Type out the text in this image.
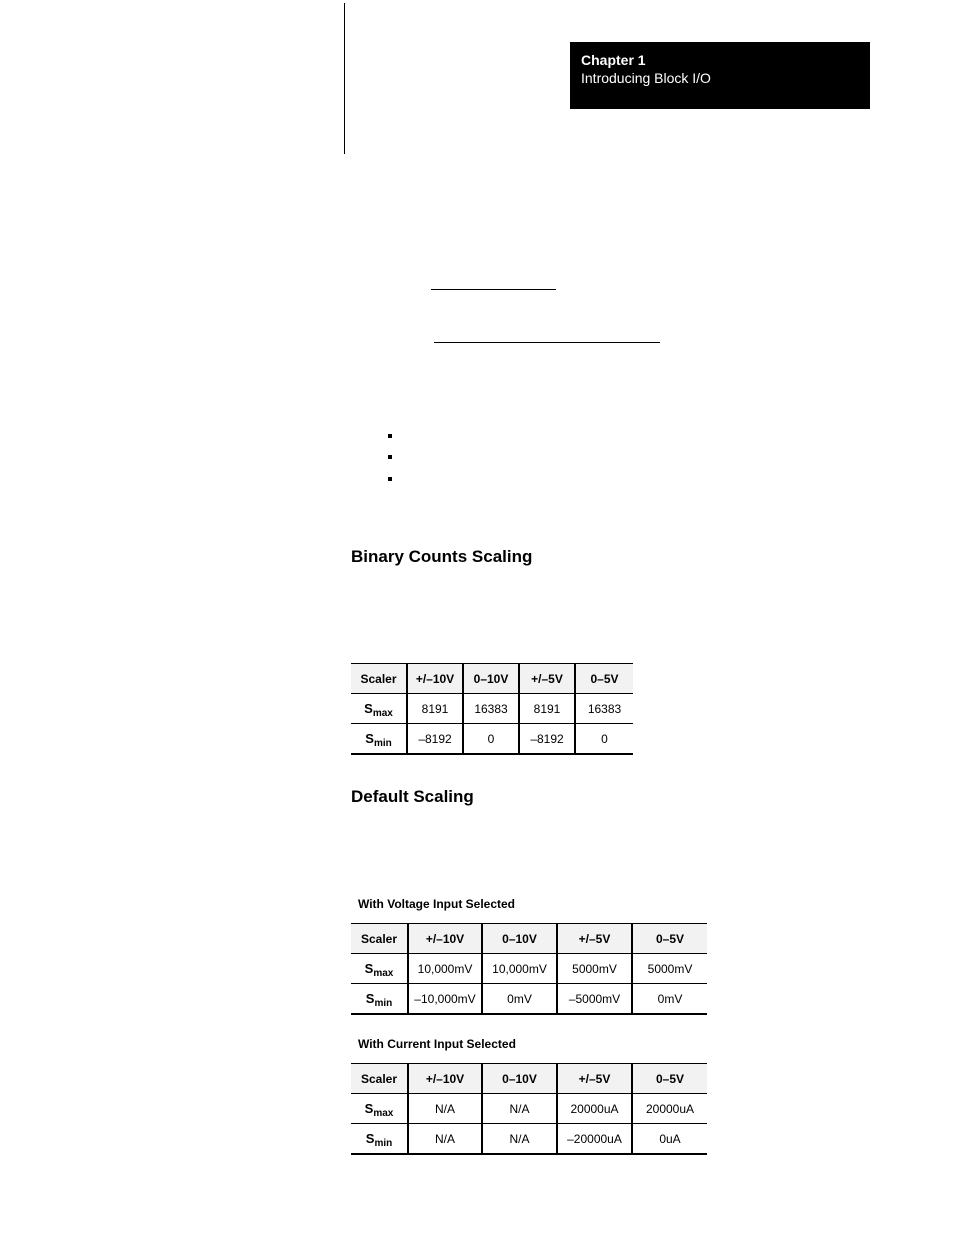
Chapter 1
Introducing Block I/O
Binary Counts Scaling
Scaler	+/–10V	0–10V	+/–5V	0–5V
$S_{max}$	8191	16383	8191	16383
$S_{min}$	–8192	0	–8192	0
Default Scaling
With Voltage Input Selected
Scaler	+/–10V	0–10V	+/–5V	0–5V
$S_{max}$	10,000mV	10,000mV	5000mV	5000mV
$S_{min}$	–10,000mV	0mV	–5000mV	0mV
With Current Input Selected
Scaler	+/–10V	0–10V	+/–5V	0–5V
$S_{max}$	N/A	N/A	20000uA	20000uA
$S_{min}$	N/A	N/A	–20000uA	0uA
